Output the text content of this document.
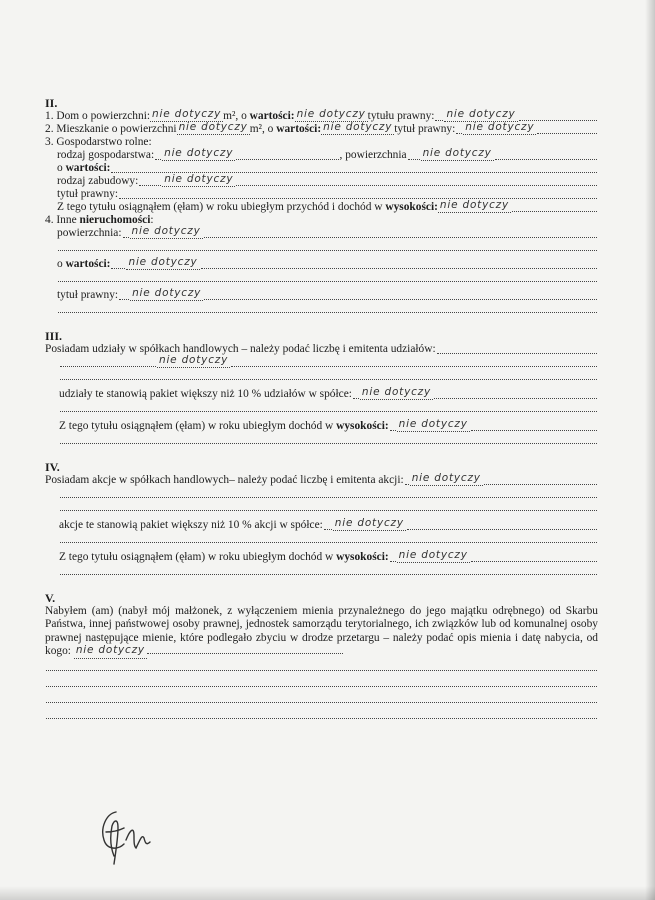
II.
1. Dom o powierzchni: nie dotyczy m², o
wartości: nie dotyczy tytułu prawny: nie dotyczy
2. Mieszkanie o powierzchni nie dotyczy m², o
wartości: nie dotyczy tytuł prawny: nie dotyczy
3. Gospodarstwo rolne:
rodzaj gospodarstwa: nie dotyczy	, powierzchnia nie dotyczy
o
wartości:
rodzaj zabudowy: nie dotyczy
tytuł prawny:
Z tego tytułu osiągnąłem (ęłam) w roku ubiegłym przychód i dochód w
wysokości: nie dotyczy
4. Inne
nieruchomości :
powierzchnia: nie dotyczy
o
wartości: nie dotyczy
tytuł prawny: nie dotyczy
III.
Posiadam udziały w spółkach handlowych – należy podać liczbę i emitenta udziałów:
nie dotyczy
udziały te stanowią pakiet większy niż 10 % udziałów w spółce: nie dotyczy
Z tego tytułu osiągnąłem (ęłam) w roku ubiegłym dochód w
wysokości: nie dotyczy
IV.
Posiadam akcje w spółkach handlowych– należy podać liczbę i emitenta akcji: nie dotyczy
akcje te stanowią pakiet większy niż 10 % akcji w spółce: nie dotyczy
Z tego tytułu osiągnąłem (ęłam) w roku ubiegłym dochód w
wysokości: nie dotyczy
V.
Nabyłem (am) (nabył mój małżonek, z wyłączeniem mienia przynależnego do jego majątku odrębnego) od Skarbu Państwa, innej państwowej osoby prawnej, jednostek samorządu terytorialnego, ich związków lub od komunalnej osoby prawnej następujące mienie, które podlegało zbyciu w drodze przetargu – należy podać opis mienia i datę nabycia, od kogo: nie dotyczy
